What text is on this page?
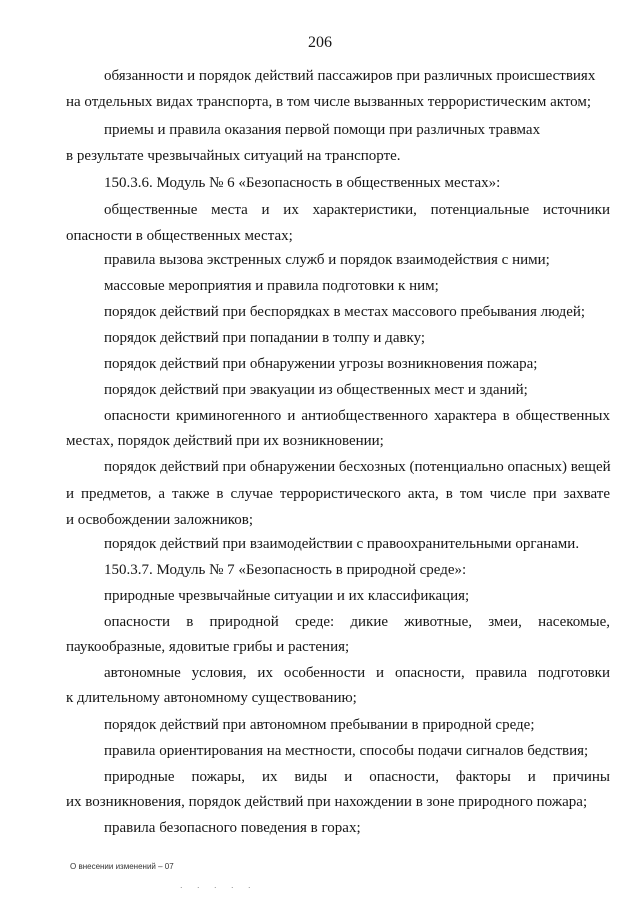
206
обязанности и порядок действий пассажиров при различных происшествиях
на отдельных видах транспорта, в том числе вызванных террористическим актом;
приемы и правила оказания первой помощи при различных травмах
в результате чрезвычайных ситуаций на транспорте.
150.3.6. Модуль № 6 «Безопасность в общественных местах»:
общественные места и их характеристики, потенциальные источники
опасности в общественных местах;
правила вызова экстренных служб и порядок взаимодействия с ними;
массовые мероприятия и правила подготовки к ним;
порядок действий при беспорядках в местах массового пребывания людей;
порядок действий при попадании в толпу и давку;
порядок действий при обнаружении угрозы возникновения пожара;
порядок действий при эвакуации из общественных мест и зданий;
опасности криминогенного и антиобщественного характера в общественных
местах, порядок действий при их возникновении;
порядок действий при обнаружении бесхозных (потенциально опасных) вещей
и предметов, а также в случае террористического акта, в том числе при захвате
и освобождении заложников;
порядок действий при взаимодействии с правоохранительными органами.
150.3.7. Модуль № 7 «Безопасность в природной среде»:
природные чрезвычайные ситуации и их классификация;
опасности в природной среде: дикие животные, змеи, насекомые,
паукообразные, ядовитые грибы и растения;
автономные условия, их особенности и опасности, правила подготовки
к длительному автономному существованию;
порядок действий при автономном пребывании в природной среде;
правила ориентирования на местности, способы подачи сигналов бедствия;
природные пожары, их виды и опасности, факторы и причины
их возникновения, порядок действий при нахождении в зоне природного пожара;
правила безопасного поведения в горах;
О внесении изменений – 07
. . . . .
